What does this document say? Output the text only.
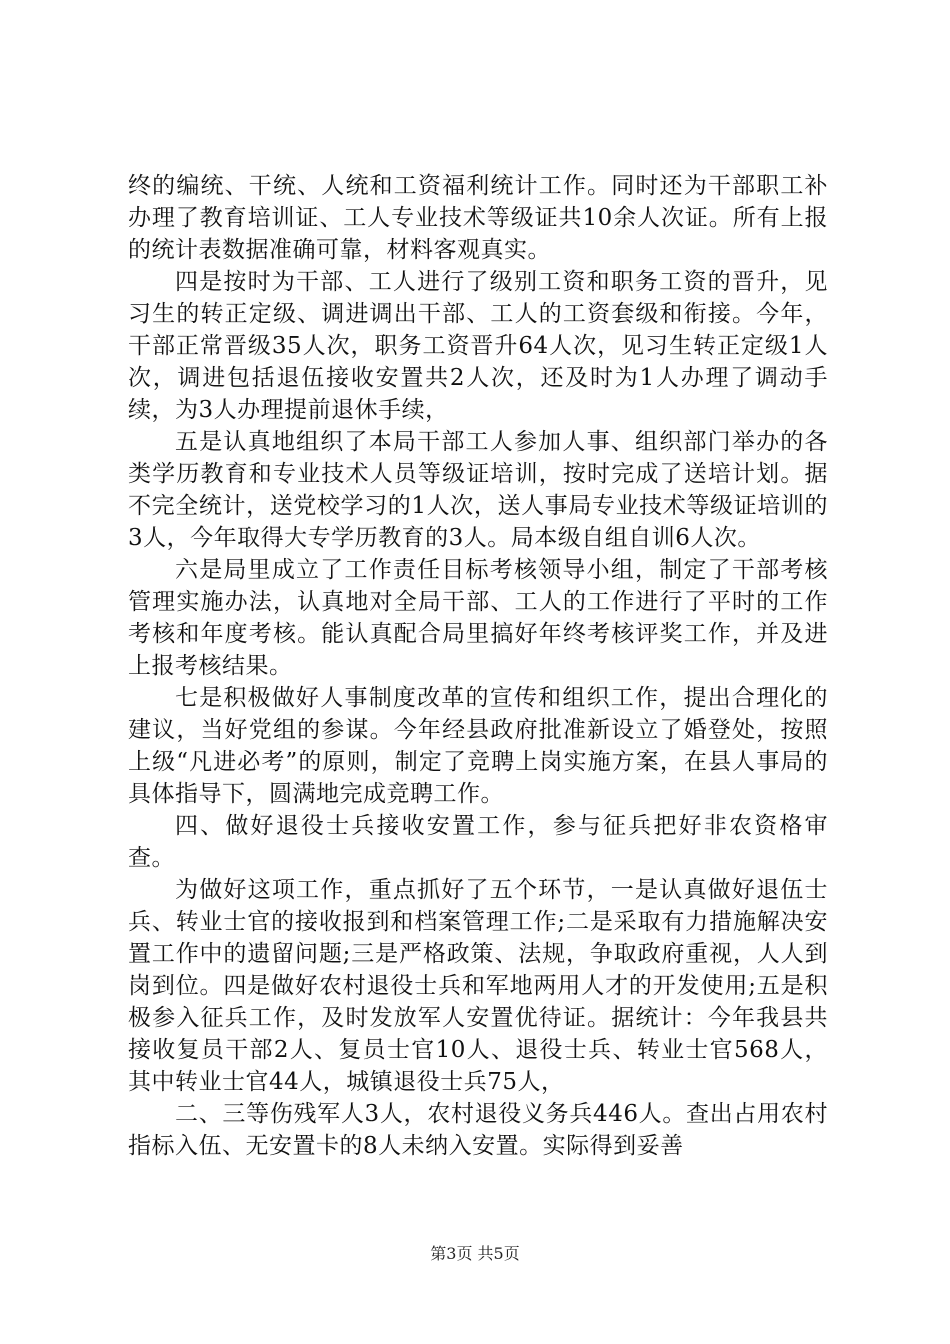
终的编统、干统、人统和工资福利统计工作。同时还为干部职工补办理了教育培训证、工人专业技术等级证共10余人次证。所有上报的统计表数据准确可靠，材料客观真实。

四是按时为干部、工人进行了级别工资和职务工资的晋升，见习生的转正定级、调进调出干部、工人的工资套级和衔接。今年，干部正常晋级35人次，职务工资晋升64人次，见习生转正定级1人次，调进包括退伍接收安置共2人次，还及时为1人办理了调动手续，为3人办理提前退休手续，

五是认真地组织了本局干部工人参加人事、组织部门举办的各类学历教育和专业技术人员等级证培训，按时完成了送培计划。据不完全统计，送党校学习的1人次，送人事局专业技术等级证培训的3人，今年取得大专学历教育的3人。局本级自组自训6人次。

六是局里成立了工作责任目标考核领导小组，制定了干部考核管理实施办法，认真地对全局干部、工人的工作进行了平时的工作考核和年度考核。能认真配合局里搞好年终考核评奖工作，并及进上报考核结果。

七是积极做好人事制度改革的宣传和组织工作，提出合理化的建议，当好党组的参谋。今年经县政府批准新设立了婚登处，按照上级“凡进必考”的原则，制定了竞聘上岗实施方案，在县人事局的具体指导下，圆满地完成竞聘工作。

四、做好退役士兵接收安置工作，参与征兵把好非农资格审查。

为做好这项工作，重点抓好了五个环节，一是认真做好退伍士兵、转业士官的接收报到和档案管理工作;二是采取有力措施解决安置工作中的遗留问题;三是严格政策、法规，争取政府重视，人人到岗到位。四是做好农村退役士兵和军地两用人才的开发使用;五是积极参入征兵工作，及时发放军人安置优待证。据统计：今年我县共接收复员干部2人、复员士官10人、退役士兵、转业士官568人，其中转业士官44人，城镇退役士兵75人，

二、三等伤残军人3人，农村退役义务兵446人。查出占用农村指标入伍、无安置卡的8人未纳入安置。实际得到妥善

第3页 共5页
